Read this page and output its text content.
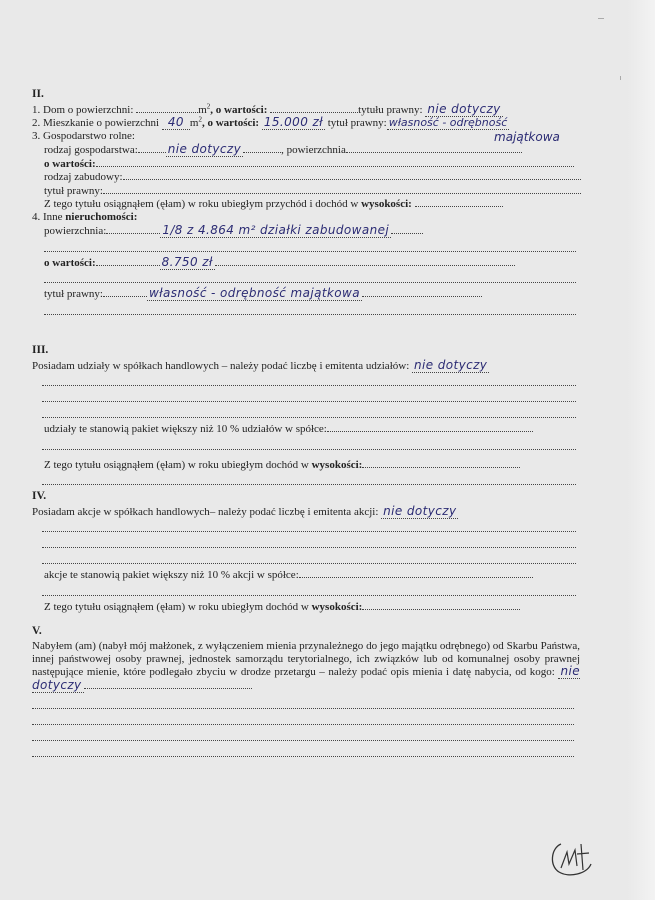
II.
1. Dom o powierzchni:	$m^2$, o wartości:	tytułu prawny: nie dotyczy
2. Mieszkanie o powierzchni 40 $m^2$, o wartości: 15.000 zł tytuł prawny: własność - odrębność
3. Gospodarstwo rolne:	majątkowa
rodzaj gospodarstwa:	nie dotyczy	, powierzchnia
o wartości:
rodzaj zabudowy:
tytuł prawny:
Z tego tytułu osiągnąłem (ęłam) w roku ubiegłym przychód i dochód w wysokości:
4. Inne nieruchomości:
powierzchnia:	1/8 z 4.864 m² działki zabudowanej
o wartości:	8.750 zł
tytuł prawny:	własność - odrębność majątkowa
III.
Posiadam udziały w spółkach handlowych – należy podać liczbę i emitenta udziałów: nie dotyczy
udziały te stanowią pakiet większy niż 10 % udziałów w spółce:
Z tego tytułu osiągnąłem (ęłam) w roku ubiegłym dochód w wysokości:
IV.
Posiadam akcje w spółkach handlowych– należy podać liczbę i emitenta akcji: nie dotyczy
akcje te stanowią pakiet większy niż 10 % akcji w spółce:
Z tego tytułu osiągnąłem (ęłam) w roku ubiegłym dochód w wysokości:
V.
Nabyłem (am) (nabył mój małżonek, z wyłączeniem mienia przynależnego do jego majątku odrębnego) od Skarbu Państwa, innej państwowej osoby prawnej, jednostek samorządu terytorialnego, ich związków lub od komunalnej osoby prawnej następujące mienie, które podlegało zbyciu w drodze przetargu – należy podać opis mienia i datę nabycia, od kogo: nie dotyczy
